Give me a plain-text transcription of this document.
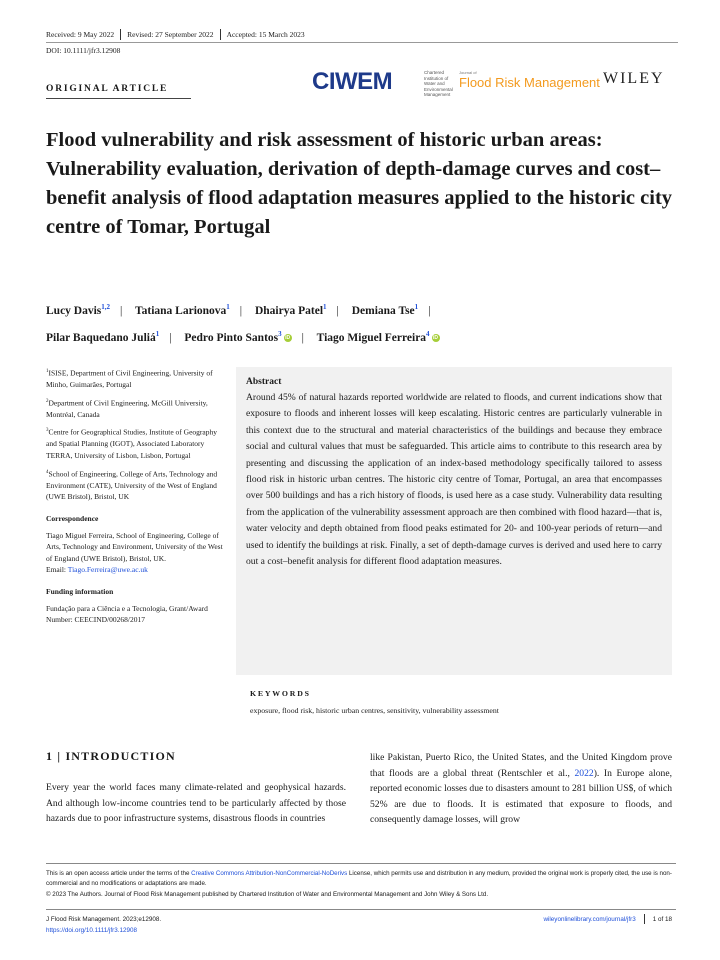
Received: 9 May 2022	Revised: 27 September 2022	Accepted: 15 March 2023
DOI: 10.1111/jfr3.12908
ORIGINAL ARTICLE	CIWEM	Chartered Institution of Water and Environmental Management
Journal of
Flood Risk Management WILEY
Flood vulnerability and risk assessment of historic urban areas: Vulnerability evaluation, derivation of depth-damage curves and cost–benefit analysis of flood adaptation measures applied to the historic city centre of Tomar, Portugal
Lucy Davis$^{1,2}$ | Tatiana Larionova$^1$ | Dhairya Patel$^1$ | Demiana Tse$^1$ |
Pilar Baquedano Juliá$^1$ | Pedro Pinto Santos$^3$iD | Tiago Miguel Ferreira$^4$iD

$^1$ISISE, Department of Civil Engineering, University of Minho, Guimarães, Portugal

$^2$Department of Civil Engineering, McGill University, Montréal, Canada

$^3$Centre for Geographical Studies, Institute of Geography and Spatial Planning (IGOT), Associated Laboratory TERRA, University of Lisbon, Lisbon, Portugal

$^4$School of Engineering, College of Arts, Technology and Environment (CATE), University of the West of England (UWE Bristol), Bristol, UK

Correspondence

Tiago Miguel Ferreira, School of Engineering, College of Arts, Technology and Environment, University of the West of England (UWE Bristol), Bristol, UK.
Email: Tiago.Ferreira@uwe.ac.uk

Funding information

Fundação para a Ciência e a Tecnologia, Grant/Award Number: CEECIND/00268/2017

Abstract

Around 45% of natural hazards reported worldwide are related to floods, and current indications show that exposure to floods and inherent losses will keep escalating. Historic centres are particularly vulnerable in this context due to the structural and material characteristics of the buildings and because they embrace social and cultural values that must be safeguarded. This article aims to contribute to this research area by presenting and discussing the application of an index-based methodology specifically tailored to assess flood risk in historic urban centres. The historic city centre of Tomar, Portugal, an area that encompasses over 500 buildings and has a rich history of floods, is used here as a case study. Vulnerability data resulting from the application of the vulnerability assessment approach are then combined with flood hazard—that is, water velocity and depth obtained from flood peaks estimated for 20- and 100-year periods of return—and used to identify the buildings at risk. Finally, a set of depth-damage curves is derived and used here to carry out a cost–benefit analysis for different flood adaptation measures.

KEYWORDS
exposure, flood risk, historic urban centres, sensitivity, vulnerability assessment
1 | INTRODUCTION

Every year the world faces many climate-related and geophysical hazards. And although low-income countries tend to be particularly affected by those hazards due to poor infrastructure systems, disastrous floods in countries

like Pakistan, Puerto Rico, the United States, and the United Kingdom prove that floods are a global threat (Rentschler et al., 2022). In Europe alone, reported economic losses due to disasters amount to 281 billion US$, of which 52% are due to floods. It is estimated that exposure to floods, and consequently damage losses, will grow

This is an open access article under the terms of the Creative Commons Attribution-NonCommercial-NoDerivs License, which permits use and distribution in any medium, provided the original work is properly cited, the use is non-commercial and no modifications or adaptations are made.

© 2023 The Authors. Journal of Flood Risk Management published by Chartered Institution of Water and Environmental Management and John Wiley & Sons Ltd.

J Flood Risk Management. 2023;e12908.
https://doi.org/10.1111/jfr3.12908
wileyonlinelibrary.com/journal/jfr3	1 of 18
